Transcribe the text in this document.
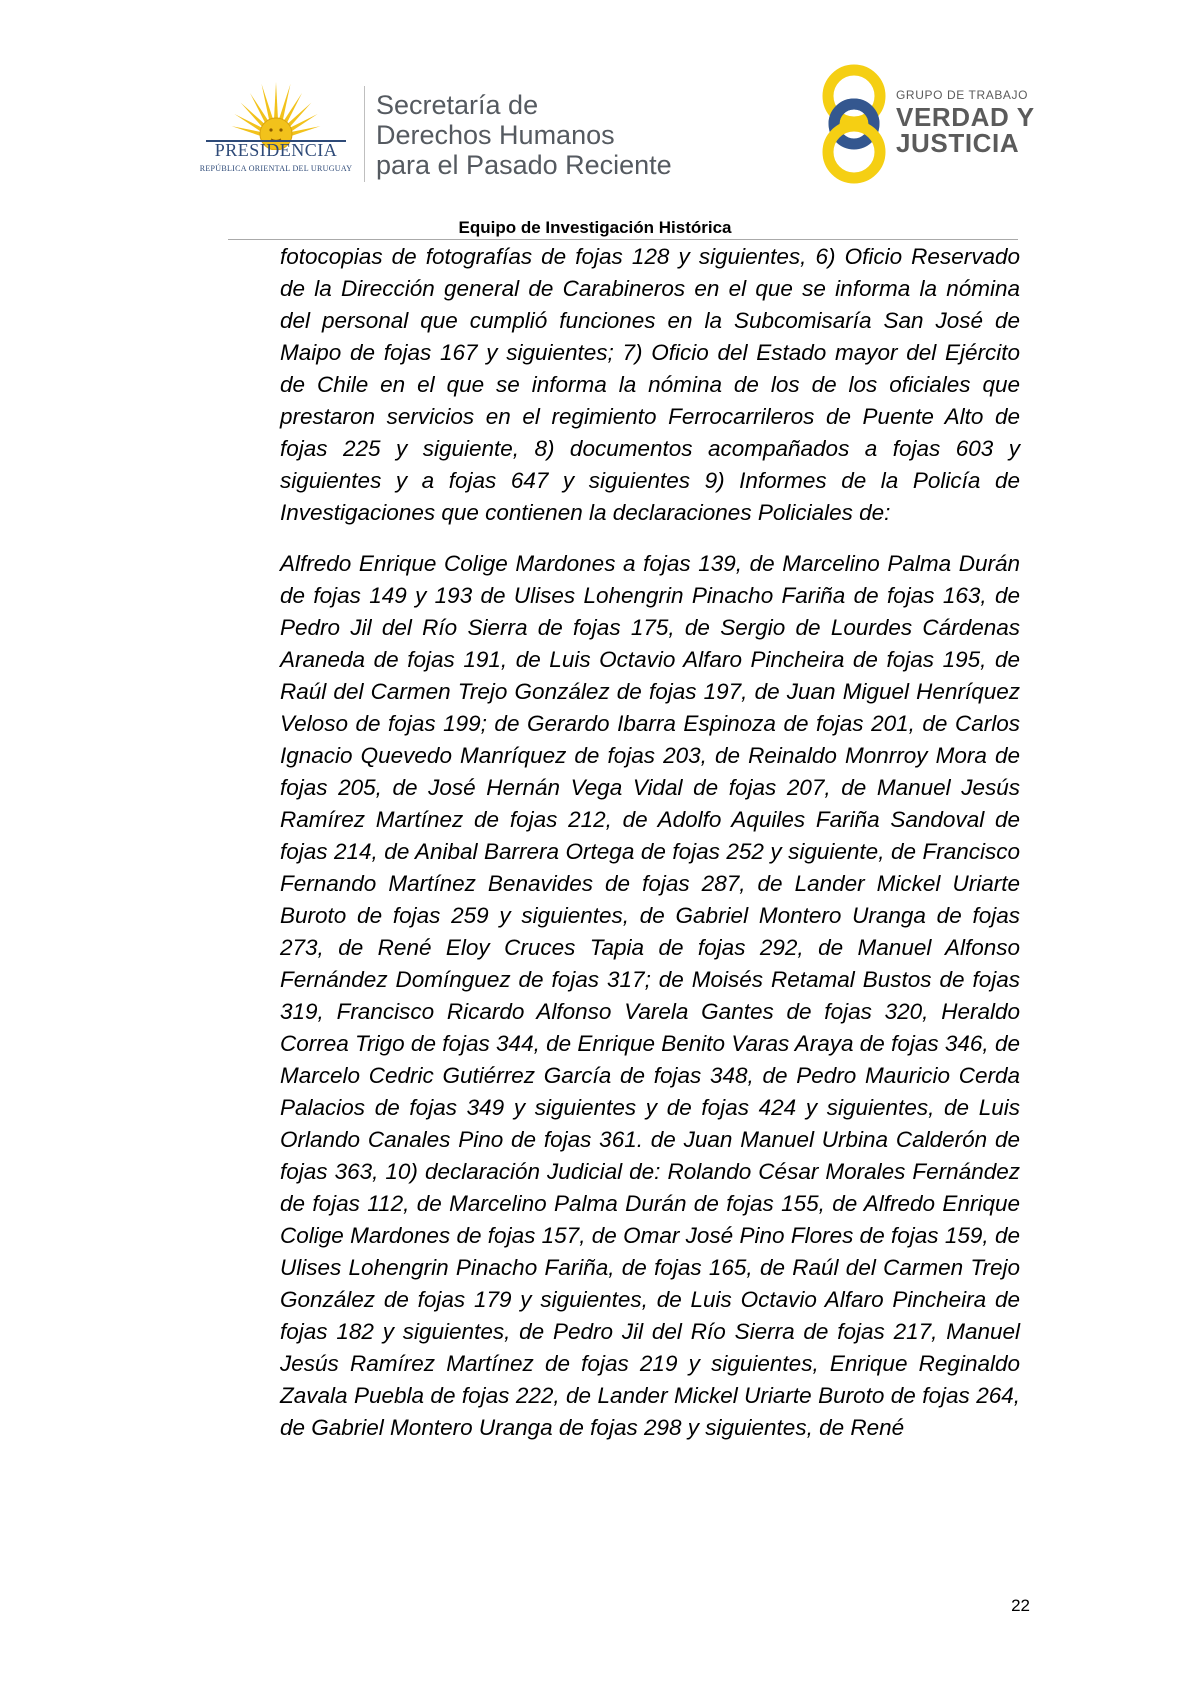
PRESIDENCIA
REPÚBLICA ORIENTAL DEL URUGUAY
Secretaría de
Derechos Humanos
para el Pasado Reciente
GRUPO DE TRABAJO
VERDAD Y
JUSTICIA
Equipo de Investigación Histórica

fotocopias de fotografías de fojas 128 y siguientes, 6) Oficio Reservado de la Dirección general de Carabineros en el que se informa la nómina del personal que cumplió funciones en la Subcomisaría San José de Maipo de fojas 167 y siguientes; 7) Oficio del Estado mayor del Ejército de Chile en el que se informa la nómina de los de los oficiales que prestaron servicios en el regimiento Ferrocarrileros de Puente Alto de fojas 225 y siguiente, 8) documentos acompañados a fojas 603 y siguientes y a fojas 647 y siguientes 9) Informes de la Policía de Investigaciones que contienen la declaraciones Policiales de:

Alfredo Enrique Colige Mardones a fojas 139, de Marcelino Palma Durán de fojas 149 y 193 de Ulises Lohengrin Pinacho Fariña de fojas 163, de Pedro Jil del Río Sierra de fojas 175, de Sergio de Lourdes Cárdenas Araneda de fojas 191, de Luis Octavio Alfaro Pincheira de fojas 195, de Raúl del Carmen Trejo González de fojas 197, de Juan Miguel Henríquez Veloso de fojas 199; de Gerardo Ibarra Espinoza de fojas 201, de Carlos Ignacio Quevedo Manríquez de fojas 203, de Reinaldo Monrroy Mora de fojas 205, de José Hernán Vega Vidal de fojas 207, de Manuel Jesús Ramírez Martínez de fojas 212, de Adolfo Aquiles Fariña Sandoval de fojas 214, de Anibal Barrera Ortega de fojas 252 y siguiente, de Francisco Fernando Martínez Benavides de fojas 287, de Lander Mickel Uriarte Buroto de fojas 259 y siguientes, de Gabriel Montero Uranga de fojas 273, de René Eloy Cruces Tapia de fojas 292, de Manuel Alfonso Fernández Domínguez de fojas 317; de Moisés Retamal Bustos de fojas 319, Francisco Ricardo Alfonso Varela Gantes de fojas 320, Heraldo Correa Trigo de fojas 344, de Enrique Benito Varas Araya de fojas 346, de Marcelo Cedric Gutiérrez García de fojas 348, de Pedro Mauricio Cerda Palacios de fojas 349 y siguientes y de fojas 424 y siguientes, de Luis Orlando Canales Pino de fojas 361. de Juan Manuel Urbina Calderón de fojas 363, 10) declaración Judicial de: Rolando César Morales Fernández de fojas 112, de Marcelino Palma Durán de fojas 155, de Alfredo Enrique Colige Mardones de fojas 157, de Omar José Pino Flores de fojas 159, de Ulises Lohengrin Pinacho Fariña, de fojas 165, de Raúl del Carmen Trejo González de fojas 179 y siguientes, de Luis Octavio Alfaro Pincheira de fojas 182 y siguientes, de Pedro Jil del Río Sierra de fojas 217, Manuel Jesús Ramírez Martínez de fojas 219 y siguientes, Enrique Reginaldo Zavala Puebla de fojas 222, de Lander Mickel Uriarte Buroto de fojas 264, de Gabriel Montero Uranga de fojas 298 y siguientes, de René

22
